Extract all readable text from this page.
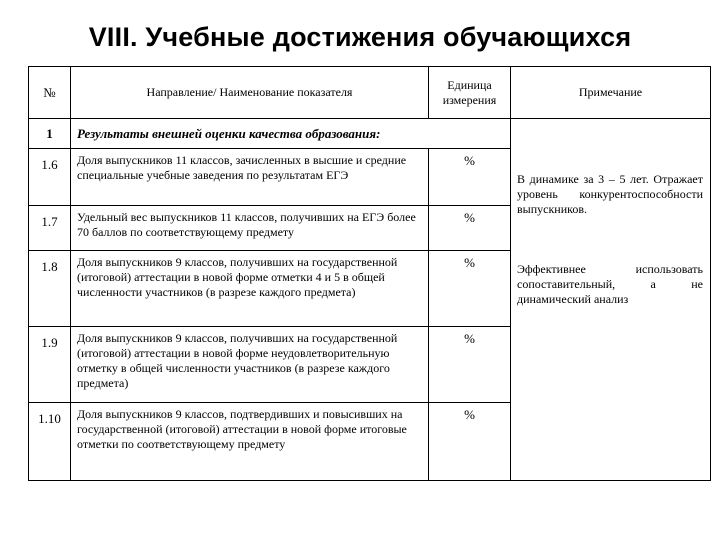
VIII. Учебные достижения обучающихся
№	Направление/ Наименование показателя	Единица измерения	Примечание
1	Результаты внешней оценки качества образования:		В динамике за 3 – 5 лет. Отражает уровень конкурентоспособности выпускников.
Эффективнее использовать сопоставительный, а не динамический анализ

1.6	Доля выпускников 11 классов, зачисленных в высшие и средние специальные учебные заведения по результатам ЕГЭ	%	
1.7	Удельный вес выпускников 11 классов, получивших на ЕГЭ более 70 баллов по соответствующему предмету	%	
1.8	Доля выпускников 9 классов, получивших на государственной (итоговой) аттестации в новой форме отметки 4 и 5 в общей численности участников (в разрезе каждого предмета)	%	
1.9	Доля выпускников 9 классов, получивших на государственной (итоговой) аттестации в новой форме неудовлетворительную отметку в общей численности участников (в разрезе каждого предмета)	%	
1.10	Доля выпускников 9 классов, подтвердивших и повысивших на государственной (итоговой) аттестации в новой форме итоговые отметки по соответствующему предмету	%	
